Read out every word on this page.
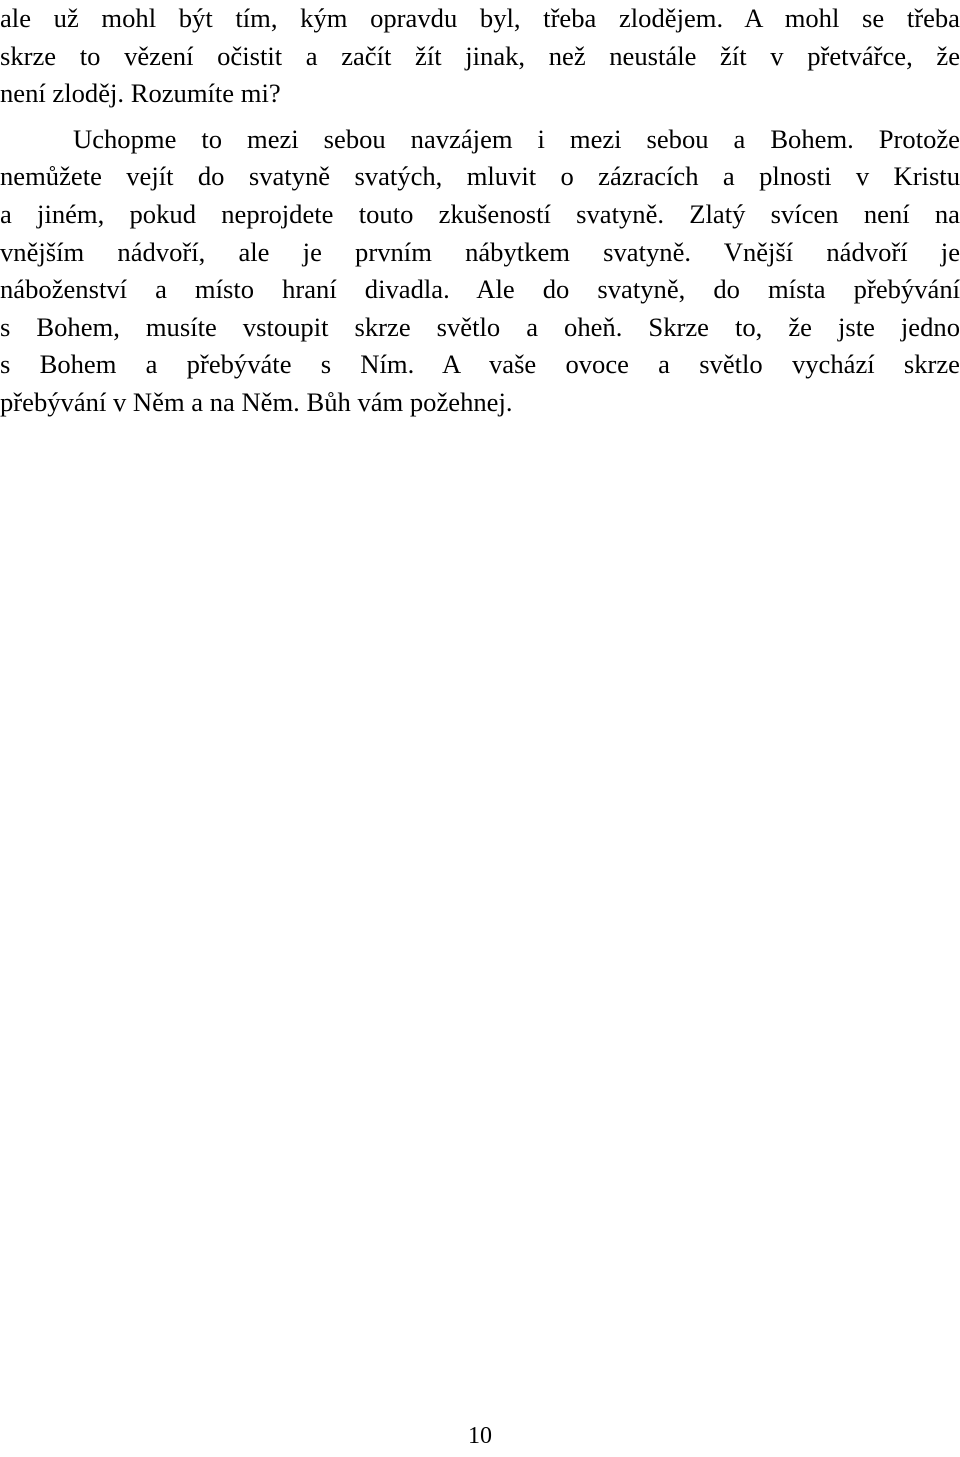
ale už mohl být tím, kým opravdu byl, třeba zlodějem. A mohl se třeba
skrze to vězení očistit a začít žít jinak, než neustále žít v přetvářce, že
není zloděj. Rozumíte mi?
Uchopme to mezi sebou navzájem i mezi sebou a Bohem. Protože
nemůžete vejít do svatyně svatých, mluvit o zázracích a plnosti v Kristu
a jiném, pokud neprojdete touto zkušeností svatyně. Zlatý svícen není na
vnějším nádvoří, ale je prvním nábytkem svatyně. Vnější nádvoří je
náboženství a místo hraní divadla. Ale do svatyně, do místa přebývání
s Bohem, musíte vstoupit skrze světlo a oheň. Skrze to, že jste jedno
s Bohem a přebýváte s Ním. A vaše ovoce a světlo vychází skrze
přebývání v Něm a na Něm. Bůh vám požehnej.
10
